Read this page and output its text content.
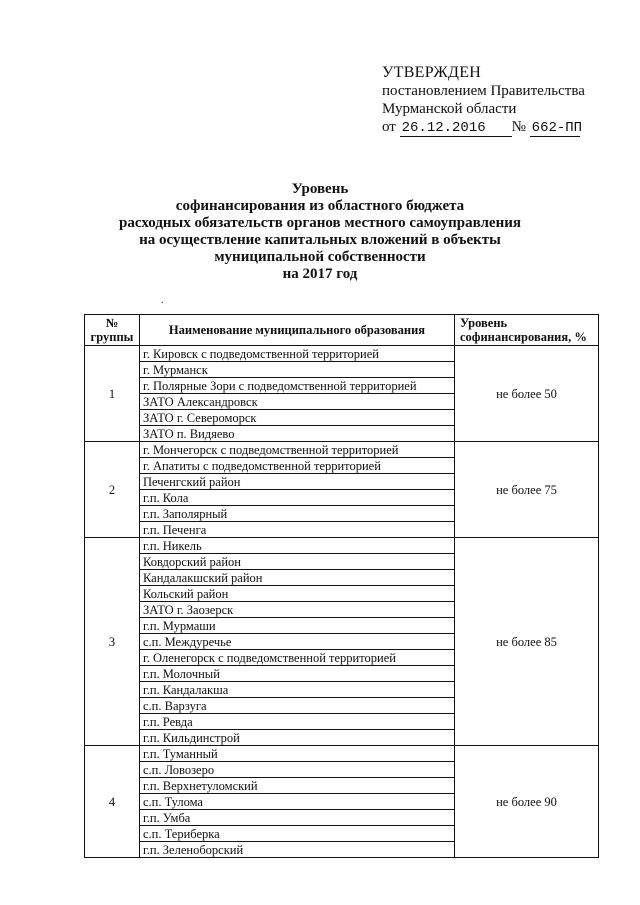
УТВЕРЖДЕН
постановлением Правительства
Мурманской области
от 26.12.2016 № 662-ПП
Уровень
софинансирования из областного бюджета
расходных обязательств органов местного самоуправления
на осуществление капитальных вложений в объекты
муниципальной собственности
на 2017 год
.
№ группы	Наименование муниципального образования	Уровень софинансирования, %
1	г. Кировск с подведомственной территорией	не более 50
	г. Мурманск	
	г. Полярные Зори с подведомственной территорией	
	ЗАТО Александровск	
	ЗАТО г. Североморск	
	ЗАТО п. Видяево	
2	г. Мончегорск с подведомственной территорией	не более 75
	г. Апатиты с подведомственной территорией	
	Печенгский район	
	г.п. Кола	
	г.п. Заполярный	
	г.п. Печенга	
3	г.п. Никель	не более 85
	Ковдорский район	
	Кандалакшский район	
	Кольский район	
	ЗАТО г. Заозерск	
	г.п. Мурмаши	
	с.п. Междуречье	
	г. Оленегорск с подведомственной территорией	
	г.п. Молочный	
	г.п. Кандалакша	
	с.п. Варзуга	
	г.п. Ревда	
	г.п. Кильдинстрой	
4	г.п. Туманный	не более 90
	с.п. Ловозеро	
	г.п. Верхнетуломский	
	с.п. Тулома	
	г.п. Умба	
	с.п. Териберка	
	г.п. Зеленоборский	
